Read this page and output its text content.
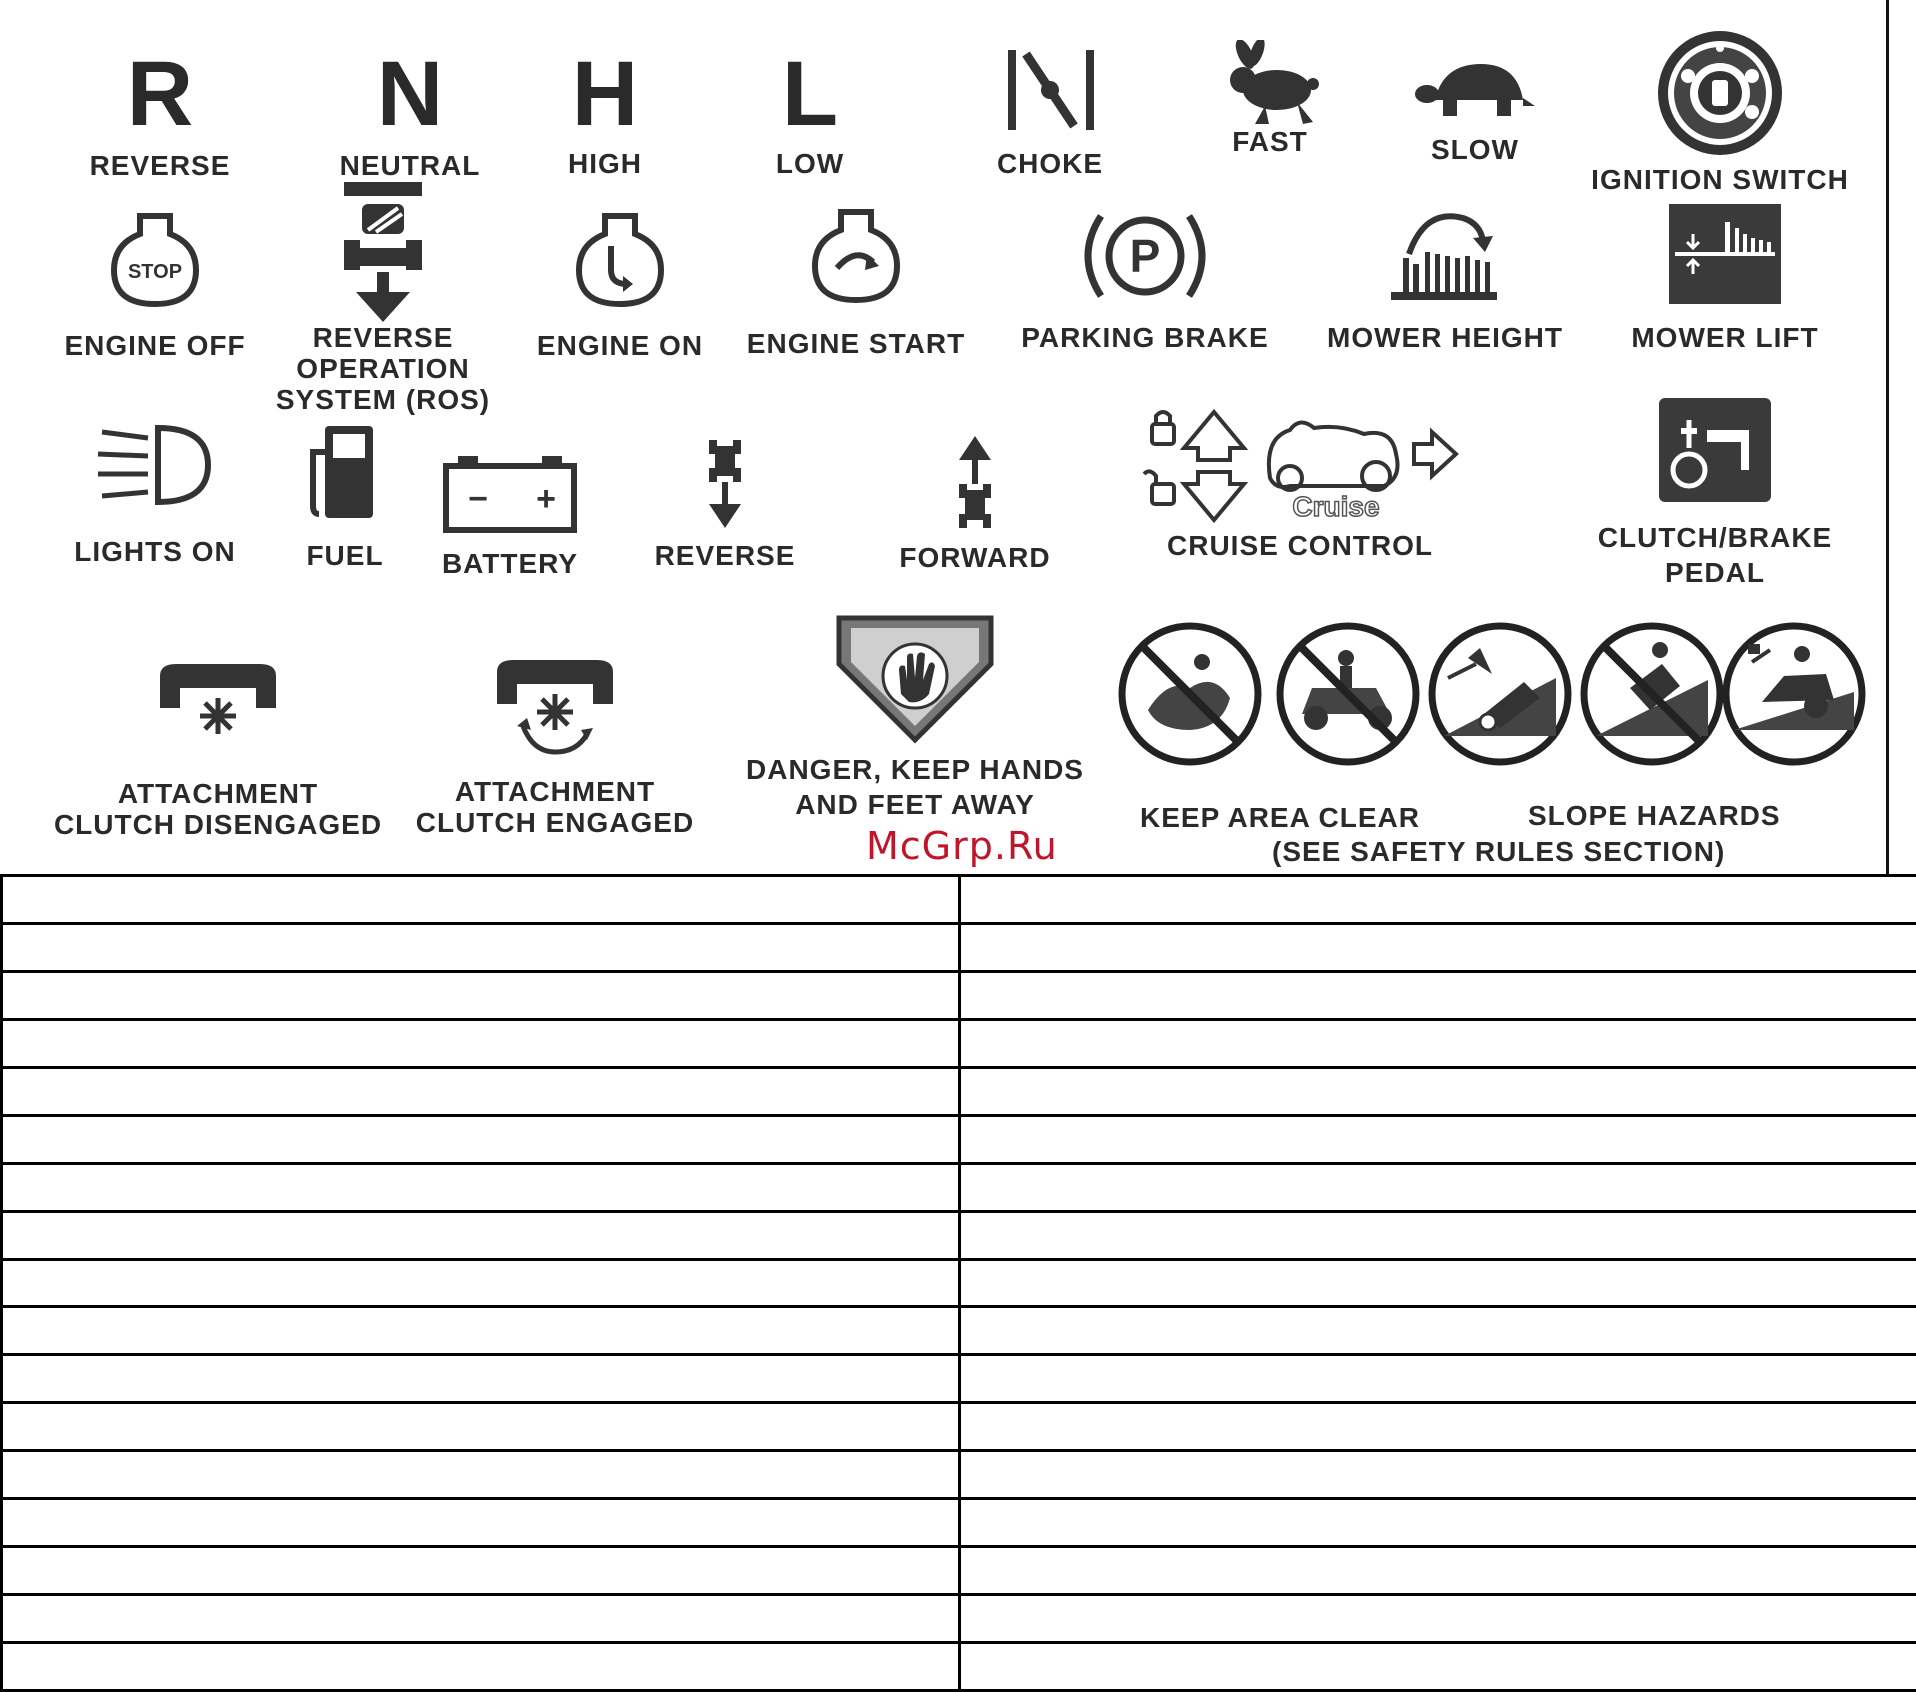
R
REVERSE
N
NEUTRAL
H
HIGH
L
LOW	CHOKE
FAST	SLOW
IGNITION SWITCH
STOP
ENGINE OFF REVERSE
OPERATION
SYSTEM (ROS)
ENGINE ON ENGINE START
P
PARKING BRAKE MOWER HEIGHT MOWER LIFT
LIGHTS ON	FUEL
− +
BATTERY	REVERSE	FORWARD
Cruise
CRUISE CONTROL	CLUTCH/BRAKE
PEDAL
ATTACHMENT
CLUTCH DISENGAGED
ATTACHMENT
CLUTCH ENGAGED
DANGER, KEEP HANDS
AND FEET AWAY	KEEP AREA CLEAR	SLOPE HAZARDS
(SEE SAFETY RULES SECTION)
McGrp.Ru
